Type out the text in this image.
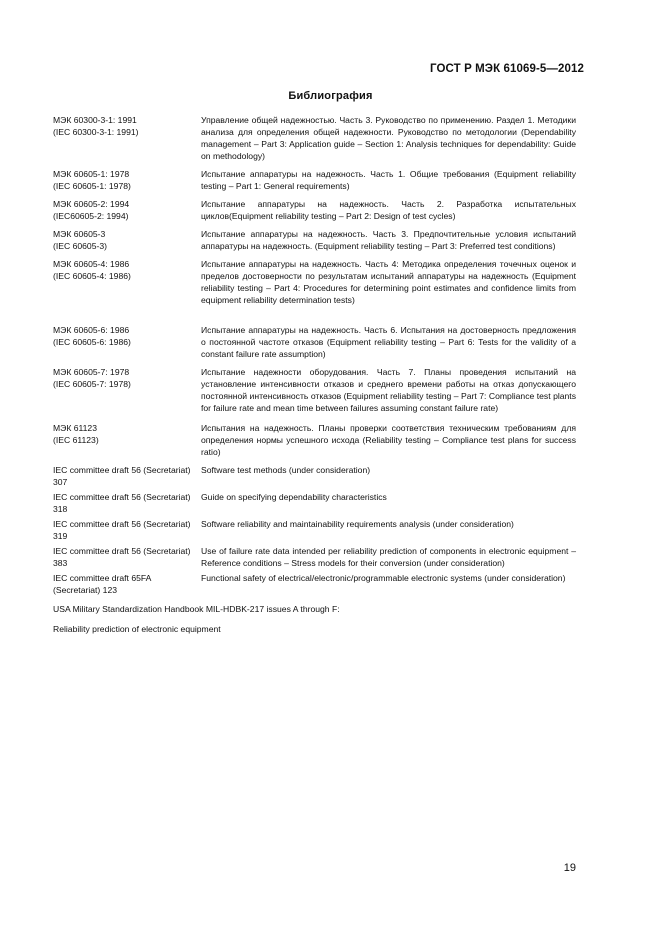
ГОСТ Р МЭК 61069-5—2012
Библиография
МЭК 60300-3-1: 1991
(IEC 60300-3-1: 1991)
Управление общей надежностью. Часть 3. Руководство по применению. Раздел 1. Методики анализа для определения общей надежности. Руководство по методологии (Dependability management – Part 3: Application guide – Section 1: Analysis techniques for dependability: Guide on methodology)
МЭК 60605-1: 1978
(IEC 60605-1: 1978)
Испытание аппаратуры на надежность. Часть 1. Общие требования (Equipment reliability testing – Part 1: General requirements)
МЭК 60605-2: 1994
(IEC60605-2: 1994)
Испытание аппаратуры на надежность. Часть 2. Разработка испытательных циклов(Equipment reliability testing – Part 2: Design of test cycles)
МЭК 60605-3
(IEC 60605-3)
Испытание аппаратуры на надежность. Часть 3. Предпочтительные условия испытаний аппаратуры на надежность. (Equipment reliability testing – Part 3: Preferred test conditions)
МЭК 60605-4: 1986
(IEC 60605-4: 1986)
Испытание аппаратуры на надежность. Часть 4: Методика определения точечных оценок и пределов достоверности по результатам испытаний аппаратуры на надежность (Equipment reliability testing – Part 4: Procedures for determining point estimates and confidence limits from equipment reliability determination tests)
МЭК 60605-6: 1986
(IEC 60605-6: 1986)
Испытание аппаратуры на надежность. Часть 6. Испытания на достоверность предложения о постоянной частоте отказов (Equipment reliability testing – Part 6: Tests for the validity of a constant failure rate assumption)
МЭК 60605-7: 1978
(IEC 60605-7: 1978)
Испытание надежности оборудования. Часть 7. Планы проведения испытаний на установление интенсивности отказов и среднего времени работы на отказ допускающего постоянной интенсивность отказов (Equipment reliability testing – Part 7: Compliance test plants for failure rate and mean time between failures assuming constant failure rate)
МЭК 61123
(IEC 61123)
Испытания на надежность. Планы проверки соответствия техническим требованиям для определения нормы успешного исхода (Reliability testing – Compliance test plans for success ratio)
IEC committee draft 56 (Secretariat) 307
Software test methods (under consideration)
IEC committee draft 56 (Secretariat) 318
Guide on specifying dependability characteristics
IEC committee draft 56 (Secretariat) 319
Software reliability and maintainability requirements analysis (under consideration)
IEC committee draft 56 (Secretariat) 383
Use of failure rate data intended per reliability prediction of components in electronic equipment – Reference conditions – Stress models for their conversion (under consideration)
IEC committee draft 65FA (Secretariat) 123
Functional safety of electrical/electronic/programmable electronic systems (under consideration)
USA Military Standardization Handbook MIL-HDBK-217 issues A through F:
Reliability prediction of electronic equipment
19
